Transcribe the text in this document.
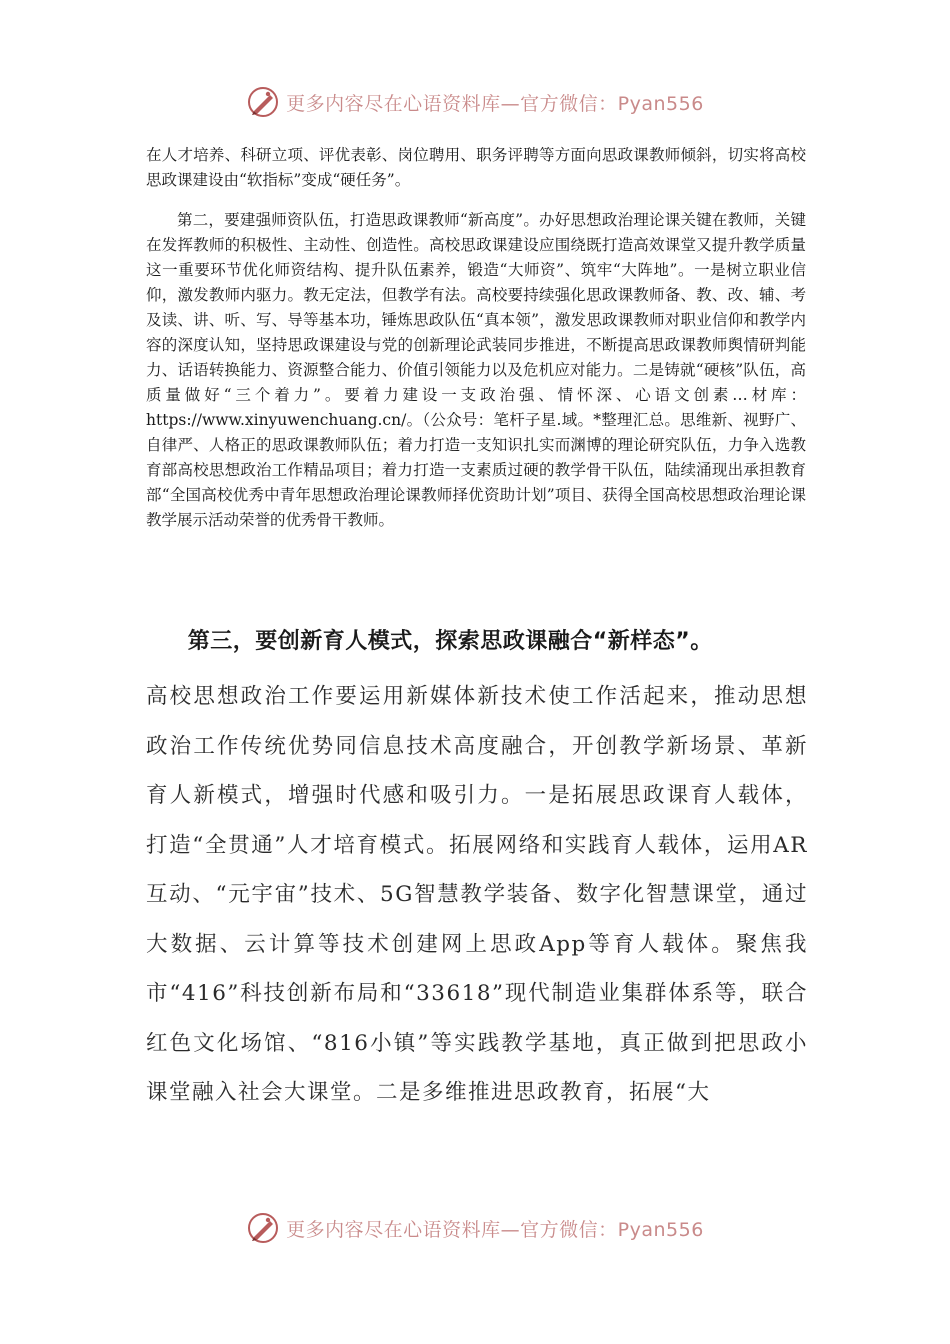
更多内容尽在心语资料库—官方微信：Pyan556

在人才培养、科研立项、评优表彰、岗位聘用、职务评聘等方面向思政课教师倾斜，切实将高校思政课建设由“软指标”变成“硬任务”。

第二，要建强师资队伍，打造思政课教师“新高度”。办好思想政治理论课关键在教师，关键在发挥教师的积极性、主动性、创造性。高校思政课建设应围绕既打造高效课堂又提升教学质量这一重要环节优化师资结构、提升队伍素养，锻造“大师资”、筑牢“大阵地”。一是树立职业信仰，激发教师内驱力。教无定法，但教学有法。高校要持续强化思政课教师备、教、改、辅、考及读、讲、听、写、导等基本功，锤炼思政队伍“真本领”，激发思政课教师对职业信仰和教学内容的深度认知，坚持思政课建设与党的创新理论武装同步推进，不断提高思政课教师舆情研判能力、话语转换能力、资源整合能力、价值引领能力以及危机应对能力。二是铸就“硬核”队伍，高质量做好“三个着力”。要着力建设一支政治强、情怀深、心语文创素…材库：https://www.xinyuwenchuang.cn/。（公众号：笔杆子星.域。*整理汇总。思维新、视野广、自律严、人格正的思政课教师队伍；着力打造一支知识扎实而渊博的理论研究队伍，力争入选教育部高校思想政治工作精品项目；着力打造一支素质过硬的教学骨干队伍，陆续涌现出承担教育部“全国高校优秀中青年思想政治理论课教师择优资助计划”项目、获得全国高校思想政治理论课教学展示活动荣誉的优秀骨干教师。

第三，要创新育人模式，探索思政课融合“新样态”。

高校思想政治工作要运用新媒体新技术使工作活起来，推动思想政治工作传统优势同信息技术高度融合，开创教学新场景、革新育人新模式，增强时代感和吸引力。一是拓展思政课育人载体，打造“全贯通”人才培育模式。拓展网络和实践育人载体，运用AR互动、“元宇宙”技术、5G智慧教学装备、数字化智慧课堂，通过大数据、云计算等技术创建网上思政App等育人载体。聚焦我市“416”科技创新布局和“33618”现代制造业集群体系等，联合红色文化场馆、“816小镇”等实践教学基地，真正做到把思政小课堂融入社会大课堂。二是多维推进思政教育，拓展“大

更多内容尽在心语资料库—官方微信：Pyan556
